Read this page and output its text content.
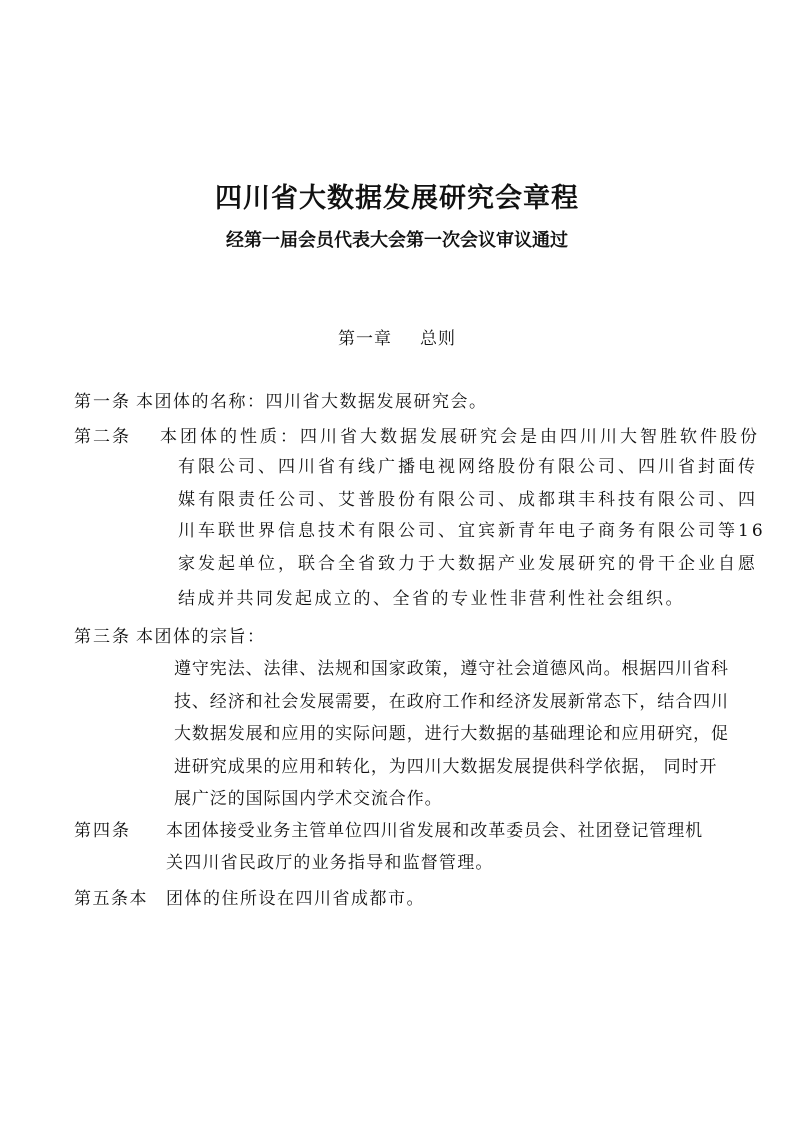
四川省大数据发展研究会章程
经第一届会员代表大会第一次会议审议通过
第一章 总则
第一条 本团体的名称：四川省大数据发展研究会。
第二条 本团体的性质：四川省大数据发展研究会是由四川川大智胜软件股份
有限公司、四川省有线广播电视网络股份有限公司、四川省封面传
媒有限责任公司、艾普股份有限公司、成都琪丰科技有限公司、四
川车联世界信息技术有限公司、宜宾新青年电子商务有限公司等16
家发起单位，联合全省致力于大数据产业发展研究的骨干企业自愿
结成并共同发起成立的、全省的专业性非营利性社会组织。
第三条 本团体的宗旨：
遵守宪法、法律、法规和国家政策，遵守社会道德风尚。根据四川省科
技、经济和社会发展需要，在政府工作和经济发展新常态下，结合四川
大数据发展和应用的实际问题，进行大数据的基础理论和应用研究，促
进研究成果的应用和转化，为四川大数据发展提供科学依据， 同时开
展广泛的国际国内学术交流合作。
第四条 本团体接受业务主管单位四川省发展和改革委员会、社团登记管理机
关四川省民政厅的业务指导和监督管理。
第五条本 团体的住所设在四川省成都市。
